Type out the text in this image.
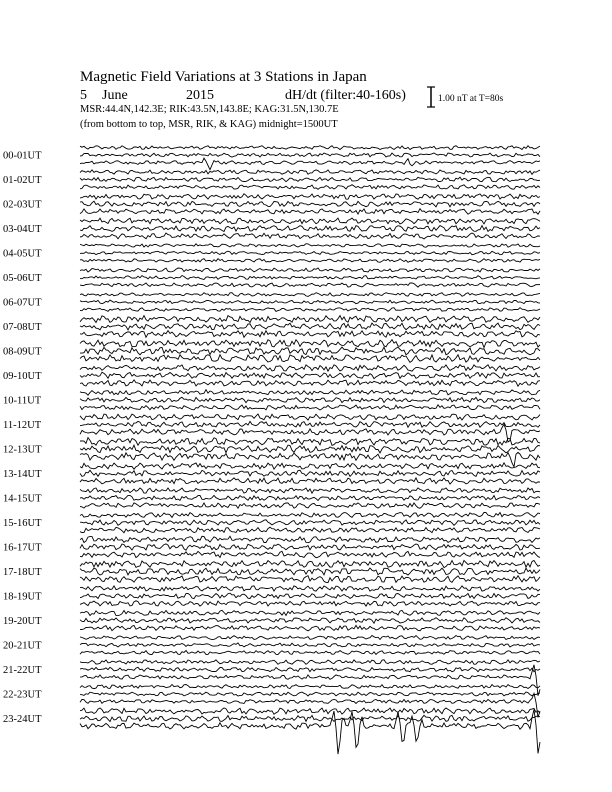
Magnetic Field Variations at 3 Stations in Japan
5 June	2015	dH/dt (filter:40-160s)
MSR:44.4N,142.3E; RIK:43.5N,143.8E; KAG:31.5N,130.7E
(from bottom to top, MSR, RIK, & KAG) midnight=1500UT
1.00 nT at T=80s
00-01UT
01-02UT
02-03UT
03-04UT
04-05UT
05-06UT
06-07UT
07-08UT
08-09UT
09-10UT
10-11UT
11-12UT
12-13UT
13-14UT
14-15UT
15-16UT
16-17UT
17-18UT
18-19UT
19-20UT
20-21UT
21-22UT
22-23UT
23-24UT
